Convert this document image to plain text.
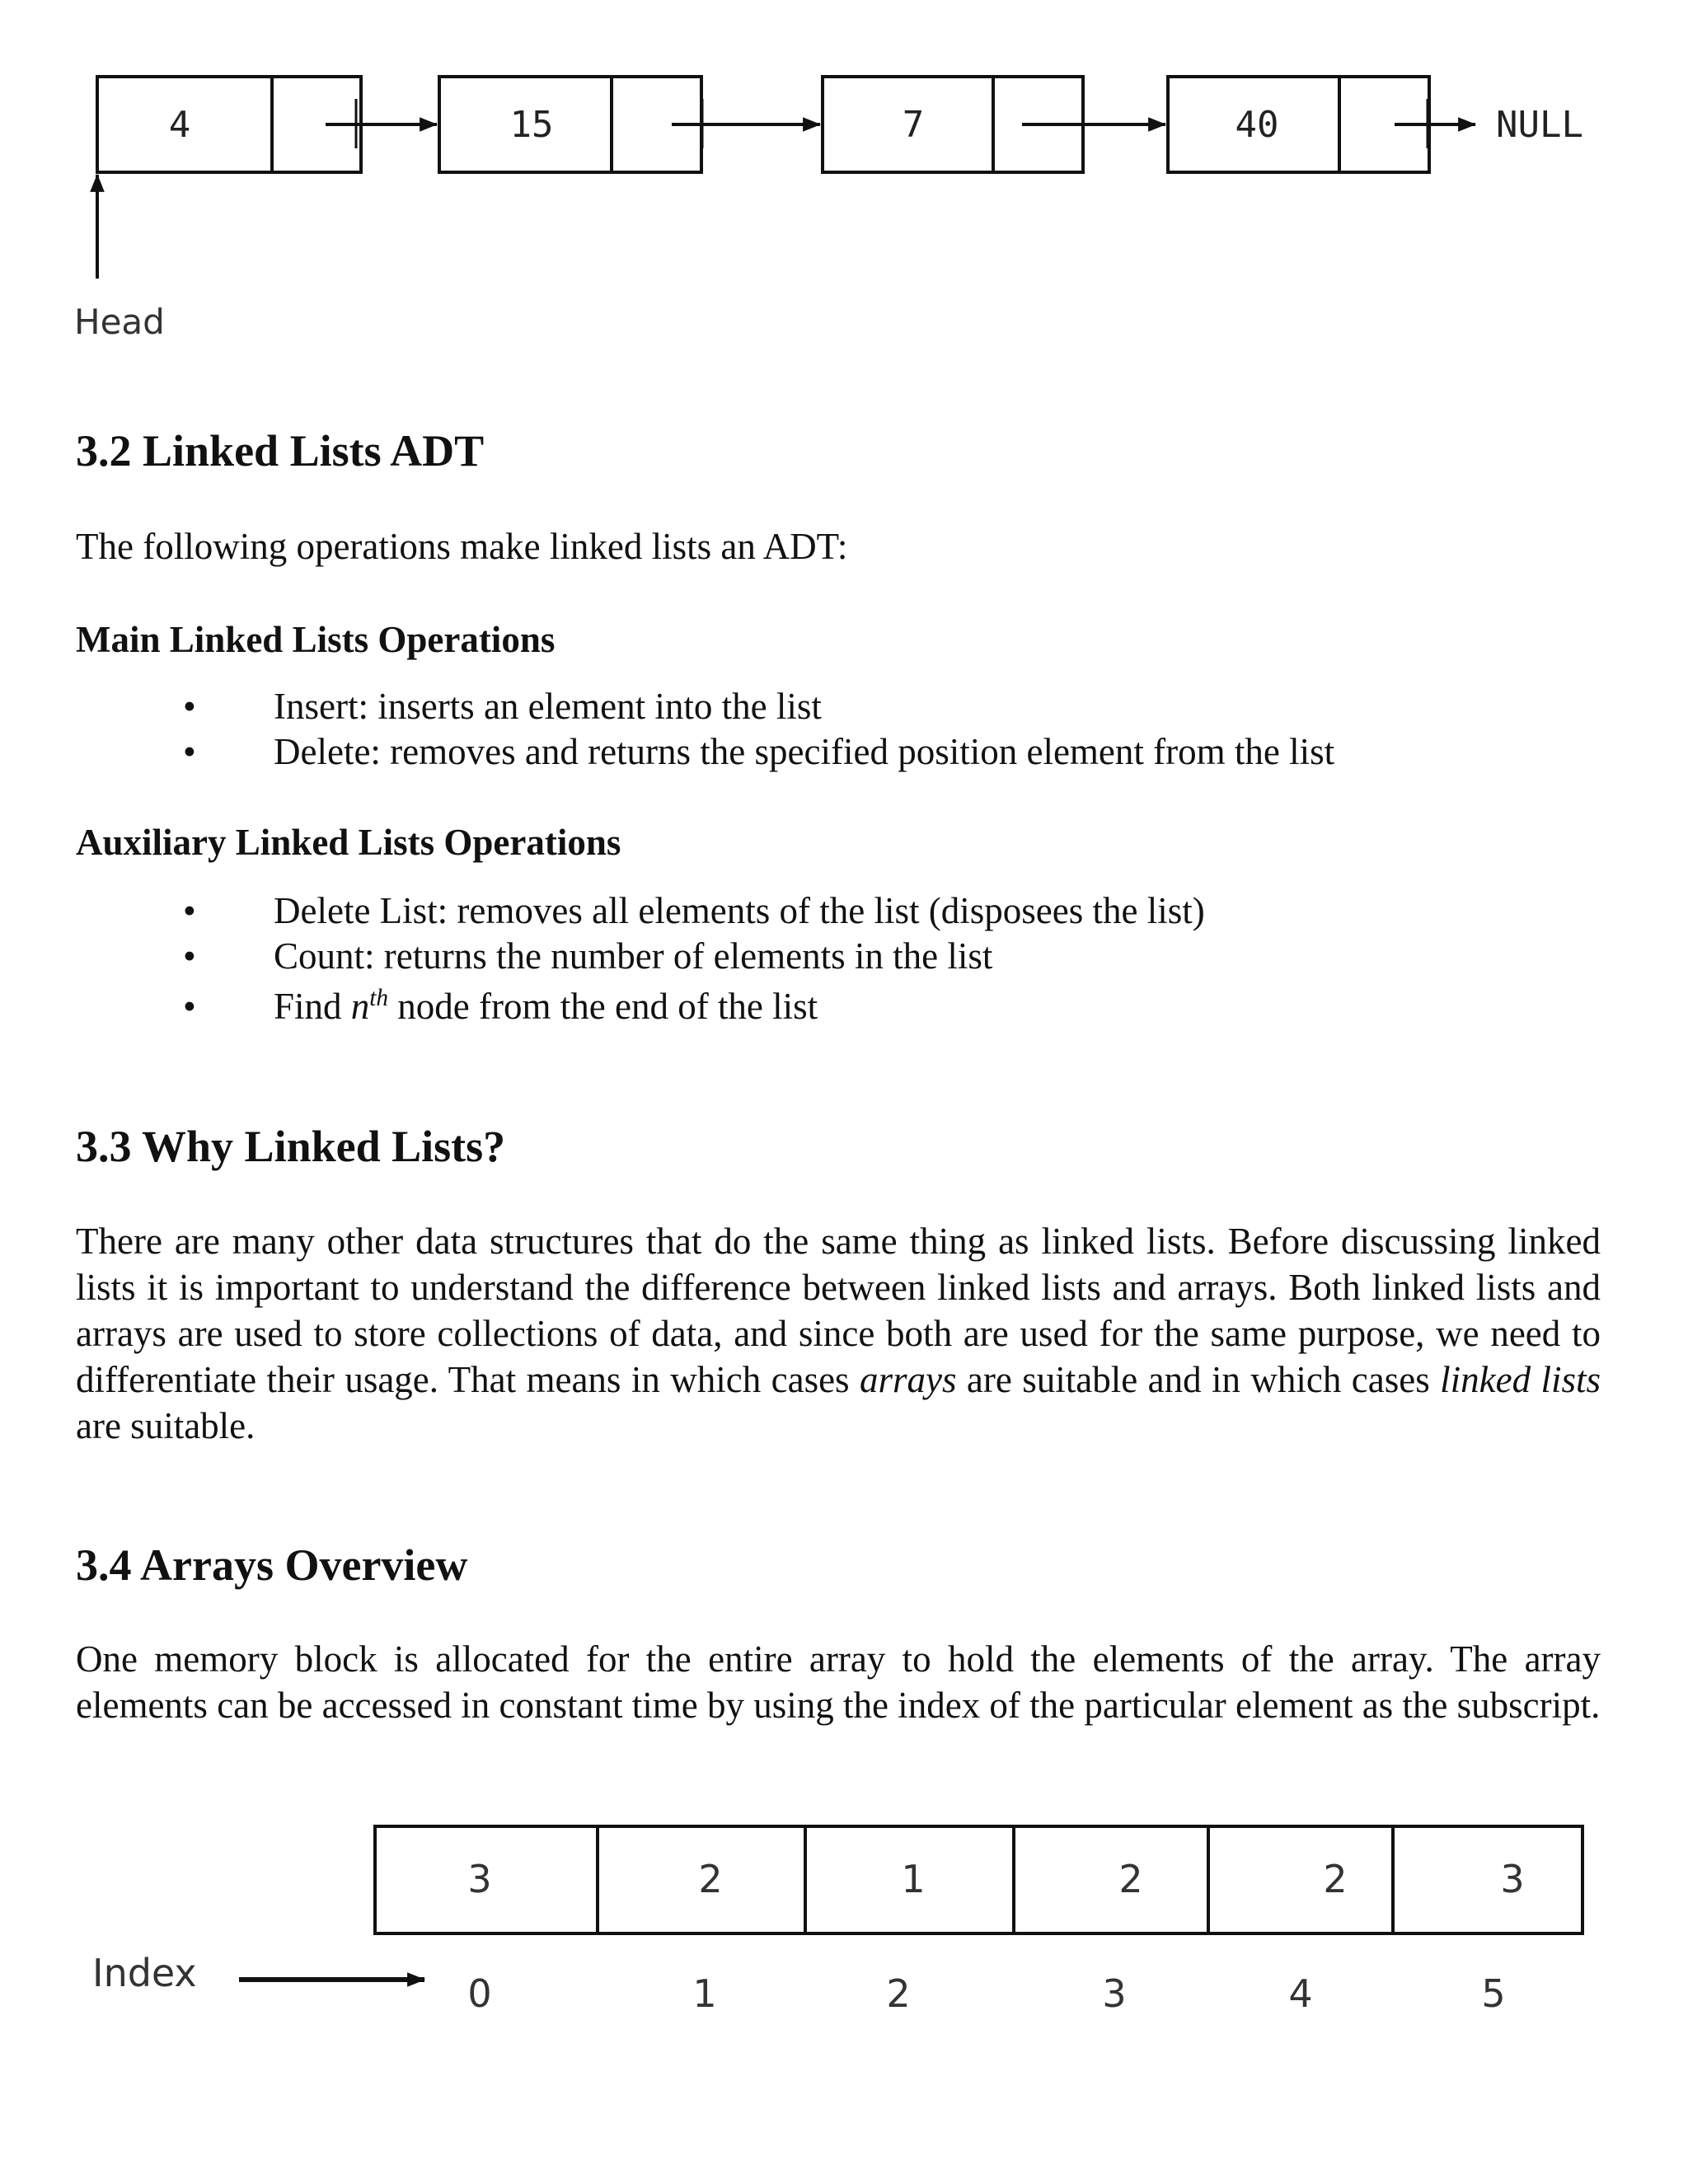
4	15	7	40	NULL
Head
3.2 Linked Lists ADT

The following operations make linked lists an ADT:

Main Linked Lists Operations
• Insert: inserts an element into the list
• Delete: removes and returns the specified position element from the list
Auxiliary Linked Lists Operations
• Delete List: removes all elements of the list (disposees the list)
• Count: returns the number of elements in the list
• Find $n^{th}$ node from the end of the list
3.3 Why Linked Lists?

There are many other data structures that do the same thing as linked lists. Before discussing linked lists it is important to understand the difference between linked lists and arrays. Both linked lists and arrays are used to store collections of data, and since both are used for the same purpose, we need to differentiate their usage. That means in which cases arrays are suitable and in which cases linked lists are suitable.

3.4 Arrays Overview

One memory block is allocated for the entire array to hold the elements of the array. The array elements can be accessed in constant time by using the index of the particular element as the subscript.

3	2	1	2	2	3
Index	0	1	2	3	4	5
